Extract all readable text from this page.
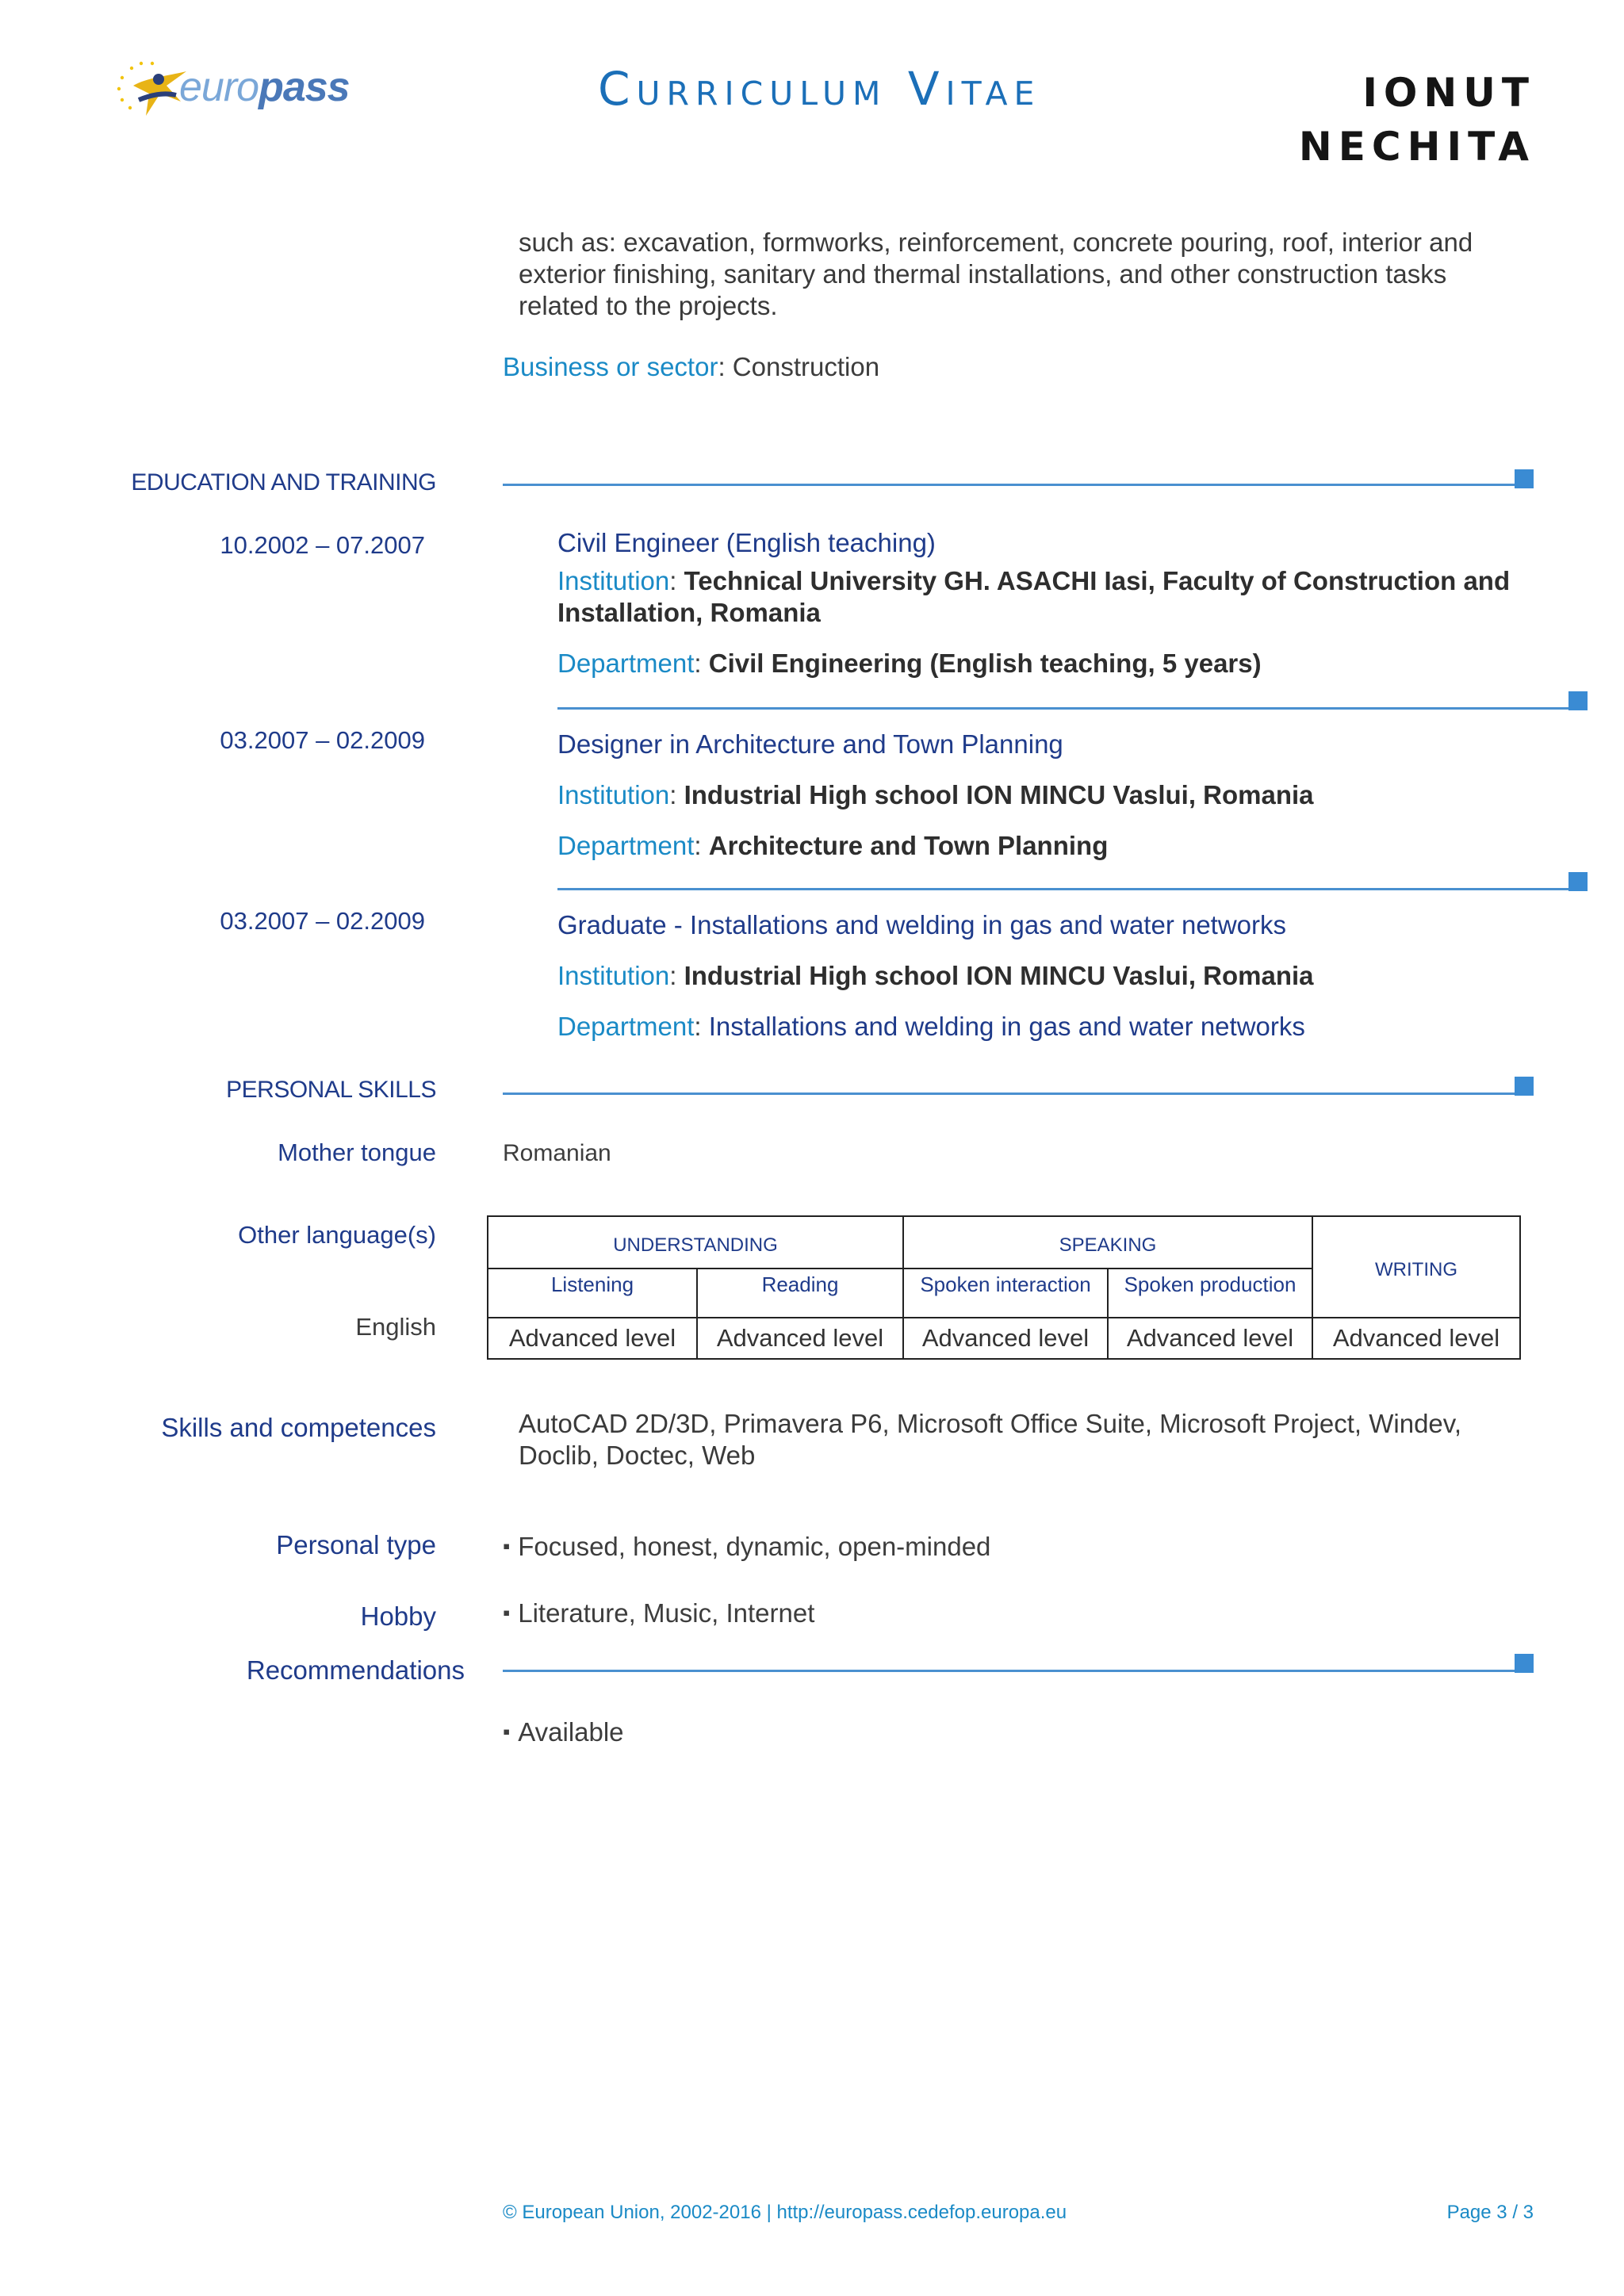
europass	Curriculum Vitae	IONUT
NECHITA
such as: excavation, formworks, reinforcement, concrete pouring, roof, interior and exterior finishing, sanitary and thermal installations, and other construction tasks related to the projects.
Business or sector: Construction
EDUCATION AND TRAINING
10.2002 – 07.2007	Civil Engineer (English teaching)
Institution: Technical University GH. ASACHI Iasi, Faculty of Construction and
Installation, Romania
Department: Civil Engineering (English teaching, 5 years)
03.2007 – 02.2009	Designer in Architecture and Town Planning
Institution: Industrial High school ION MINCU Vaslui, Romania
Department: Architecture and Town Planning
03.2007 – 02.2009	Graduate - Installations and welding in gas and water networks
Institution: Industrial High school ION MINCU Vaslui, Romania
Department: Installations and welding in gas and water networks
PERSONAL SKILLS
Mother tongue	Romanian
Other language(s)
English
UNDERSTANDING		SPEAKING		WRITING
Listening	Reading	Spoken interaction	Spoken production	
Advanced level	Advanced level	Advanced level	Advanced level	Advanced level
Skills and competences	AutoCAD 2D/3D, Primavera P6, Microsoft Office Suite, Microsoft Project, Windev, Doclib, Doctec, Web
Personal type	▪ Focused, honest, dynamic, open-minded
Hobby	▪ Literature, Music, Internet
Recommendations
▪ Available
© European Union, 2002-2016 | http://europass.cedefop.europa.eu	Page 3 / 3
